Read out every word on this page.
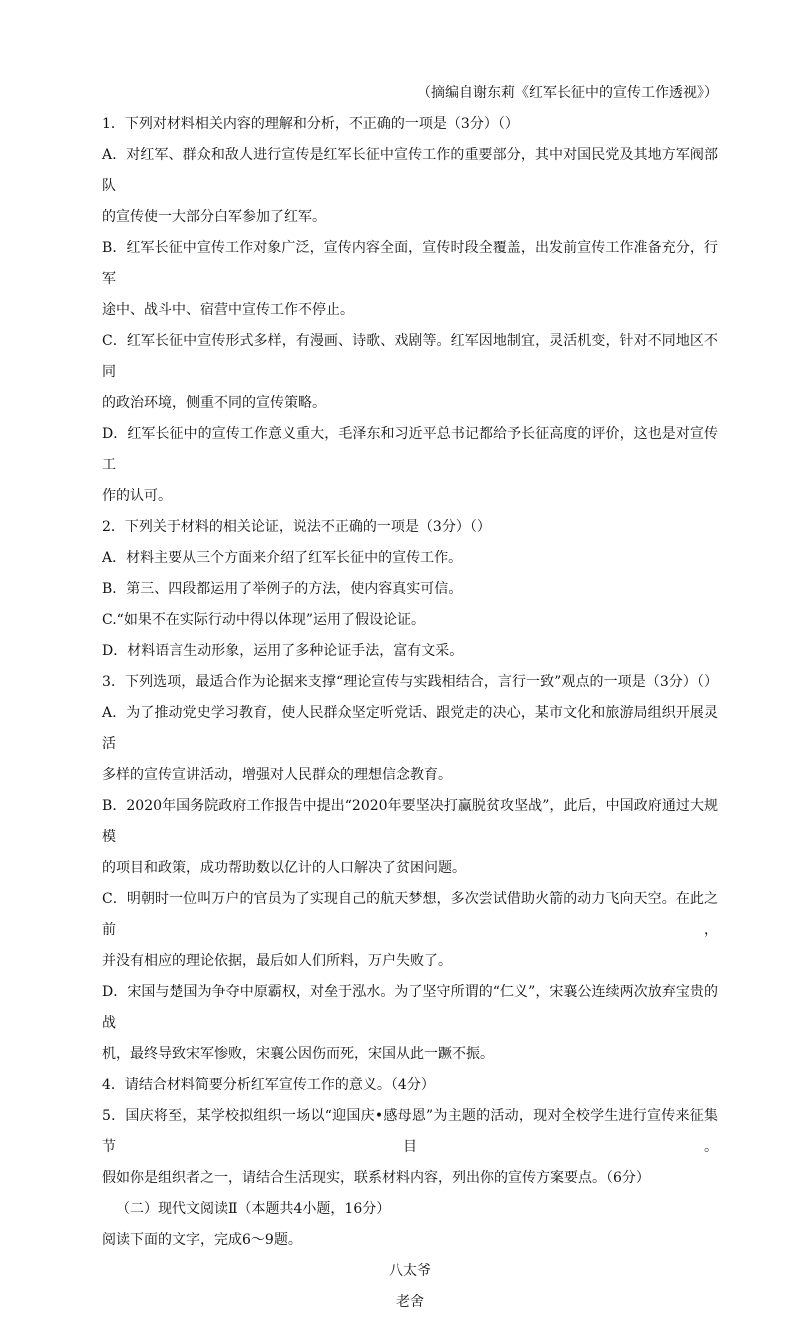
（摘编自谢东莉《红军长征中的宣传工作透视》）

1．下列对材料相关内容的理解和分析，不正确的一项是（3分）（）

A．对红军、群众和敌人进行宣传是红军长征中宣传工作的重要部分，其中对国民党及其地方军阀部队

的宣传使一大部分白军参加了红军。

B．红军长征中宣传工作对象广泛，宣传内容全面，宣传时段全覆盖，出发前宣传工作准备充分，行军

途中、战斗中、宿营中宣传工作不停止。

C．红军长征中宣传形式多样，有漫画、诗歌、戏剧等。红军因地制宜，灵活机变，针对不同地区不同

的政治环境，侧重不同的宣传策略。

D．红军长征中的宣传工作意义重大，毛泽东和习近平总书记都给予长征高度的评价，这也是对宣传工

作的认可。

2．下列关于材料的相关论证，说法不正确的一项是（3分）（）

A．材料主要从三个方面来介绍了红军长征中的宣传工作。

B．第三、四段都运用了举例子的方法，使内容真实可信。

C.“如果不在实际行动中得以体现”运用了假设论证。

D．材料语言生动形象，运用了多种论证手法，富有文采。

3．下列选项，最适合作为论据来支撑“理论宣传与实践相结合，言行一致”观点的一项是（3分）（）

A．为了推动党史学习教育，使人民群众坚定听党话、跟党走的决心，某市文化和旅游局组织开展灵活

多样的宣传宣讲活动，增强对人民群众的理想信念教育。

B．2020年国务院政府工作报告中提出“2020年要坚决打赢脱贫攻坚战”，此后，中国政府通过大规模

的项目和政策，成功帮助数以亿计的人口解决了贫困问题。

C．明朝时一位叫万户的官员为了实现自己的航天梦想，多次尝试借助火箭的动力飞向天空。在此之前，

并没有相应的理论依据，最后如人们所料，万户失败了。

D．宋国与楚国为争夺中原霸权，对垒于泓水。为了坚守所谓的“仁义”，宋襄公连续两次放弃宝贵的战

机，最终导致宋军惨败，宋襄公因伤而死，宋国从此一蹶不振。

4．请结合材料简要分析红军宣传工作的意义。（4分）

5．国庆将至，某学校拟组织一场以“迎国庆•感母恩”为主题的活动，现对全校学生进行宣传来征集节目。

假如你是组织者之一，请结合生活现实，联系材料内容，列出你的宣传方案要点。（6分）

（二）现代文阅读Ⅱ（本题共4小题，16分）

阅读下面的文字，完成6～9题。

八太爷

老舍
